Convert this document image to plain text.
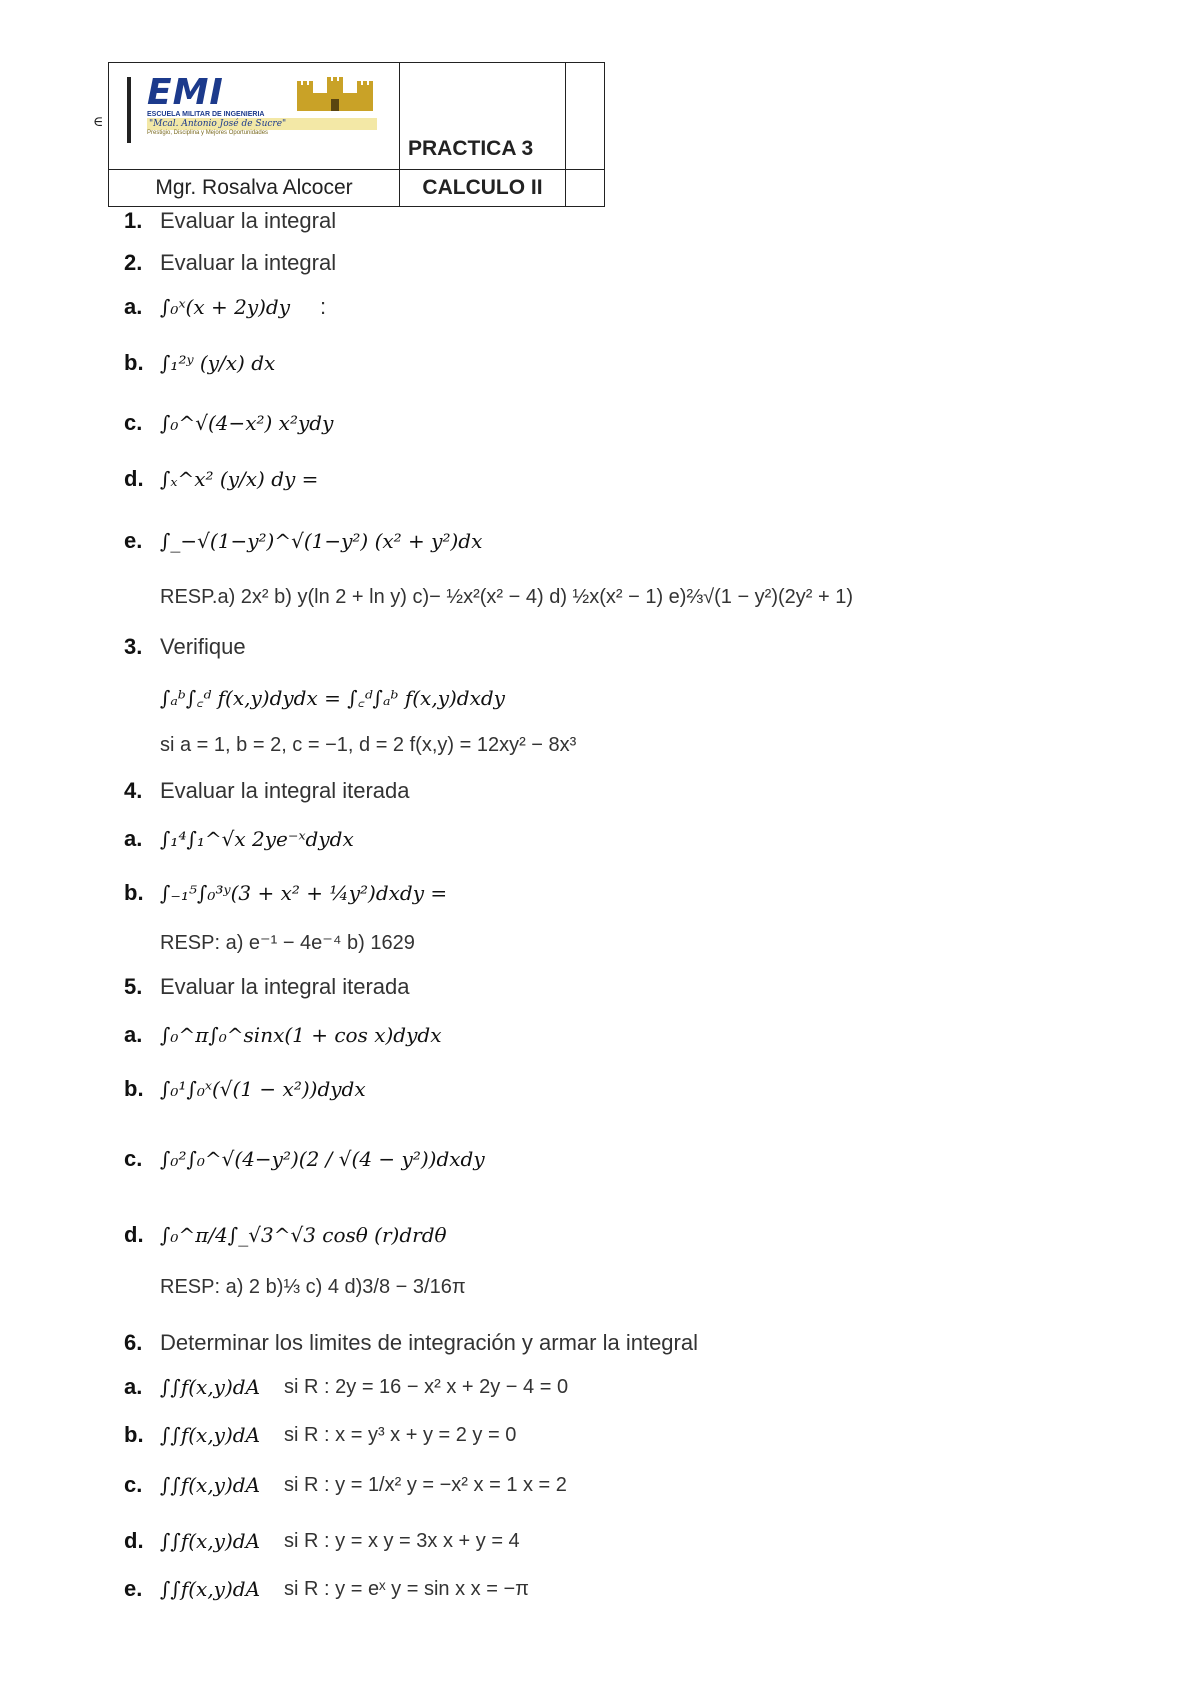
∈
EMI
ESCUELA MILITAR DE INGENIERIA
"Mcal. Antonio José de Sucre"
Prestigio, Disciplina y Mejores Oportunidades	PRACTICA 3	
Mgr. Rosalva Alcocer	CALCULO II	
1. Evaluar la integral
2. Evaluar la integral
a. ∫₀ˣ(x + 2y)dy :
b. ∫₁²ʸ (y/x) dx
c. ∫₀^√(4−x²) x²ydy
d. ∫ₓ^x² (y/x) dy =
e. ∫_−√(1−y²)^√(1−y²) (x² + y²)dx
RESP.a) 2x² b) y(ln 2 + ln y) c)− ½x²(x² − 4) d) ½x(x² − 1) e)⅔√(1 − y²)(2y² + 1)
3. Verifique
∫ₐᵇ∫꜀ᵈ f(x,y)dydx = ∫꜀ᵈ∫ₐᵇ f(x,y)dxdy
si a = 1, b = 2, c = −1, d = 2 f(x,y) = 12xy² − 8x³
4. Evaluar la integral iterada
a. ∫₁⁴∫₁^√x 2ye⁻ˣdydx
b. ∫₋₁⁵∫₀³ʸ(3 + x² + ¼y²)dxdy =
RESP: a) e⁻¹ − 4e⁻⁴ b) 1629
5. Evaluar la integral iterada
a. ∫₀^π∫₀^sinx(1 + cos x)dydx
b. ∫₀¹∫₀ˣ(√(1 − x²))dydx
c. ∫₀²∫₀^√(4−y²)(2 / √(4 − y²))dxdy
d. ∫₀^π/4∫_√3^√3 cosθ (r)drdθ
RESP: a) 2 b)⅓ c) 4 d)3/8 − 3/16π
6. Determinar los limites de integración y armar la integral
a. ∫∫f(x,y)dA si R : 2y = 16 − x² x + 2y − 4 = 0
b. ∫∫f(x,y)dA si R : x = y³ x + y = 2 y = 0
c. ∫∫f(x,y)dA si R : y = 1/x² y = −x² x = 1 x = 2
d. ∫∫f(x,y)dA si R : y = x y = 3x x + y = 4
e. ∫∫f(x,y)dA si R : y = eˣ y = sin x x = −π
